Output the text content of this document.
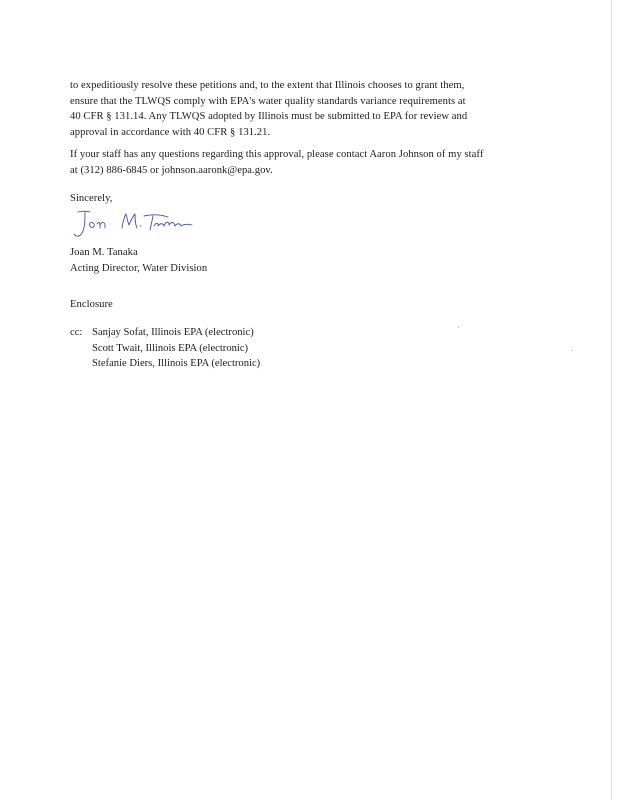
to expeditiously resolve these petitions and, to the extent that Illinois chooses to grant them,
ensure that the TLWQS comply with EPA's water quality standards variance requirements at
40 CFR § 131.14. Any TLWQS adopted by Illinois must be submitted to EPA for review and
approval in accordance with 40 CFR § 131.21.
If your staff has any questions regarding this approval, please contact Aaron Johnson of my staff
at (312) 886-6845 or johnson.aaronk@epa.gov.
Sincerely,
Joan M. Tanaka
Acting Director, Water Division
Enclosure
cc: Sanjay Sofat, Illinois EPA (electronic)
Scott Twait, Illinois EPA (electronic)
Stefanie Diers, Illinois EPA (electronic)
